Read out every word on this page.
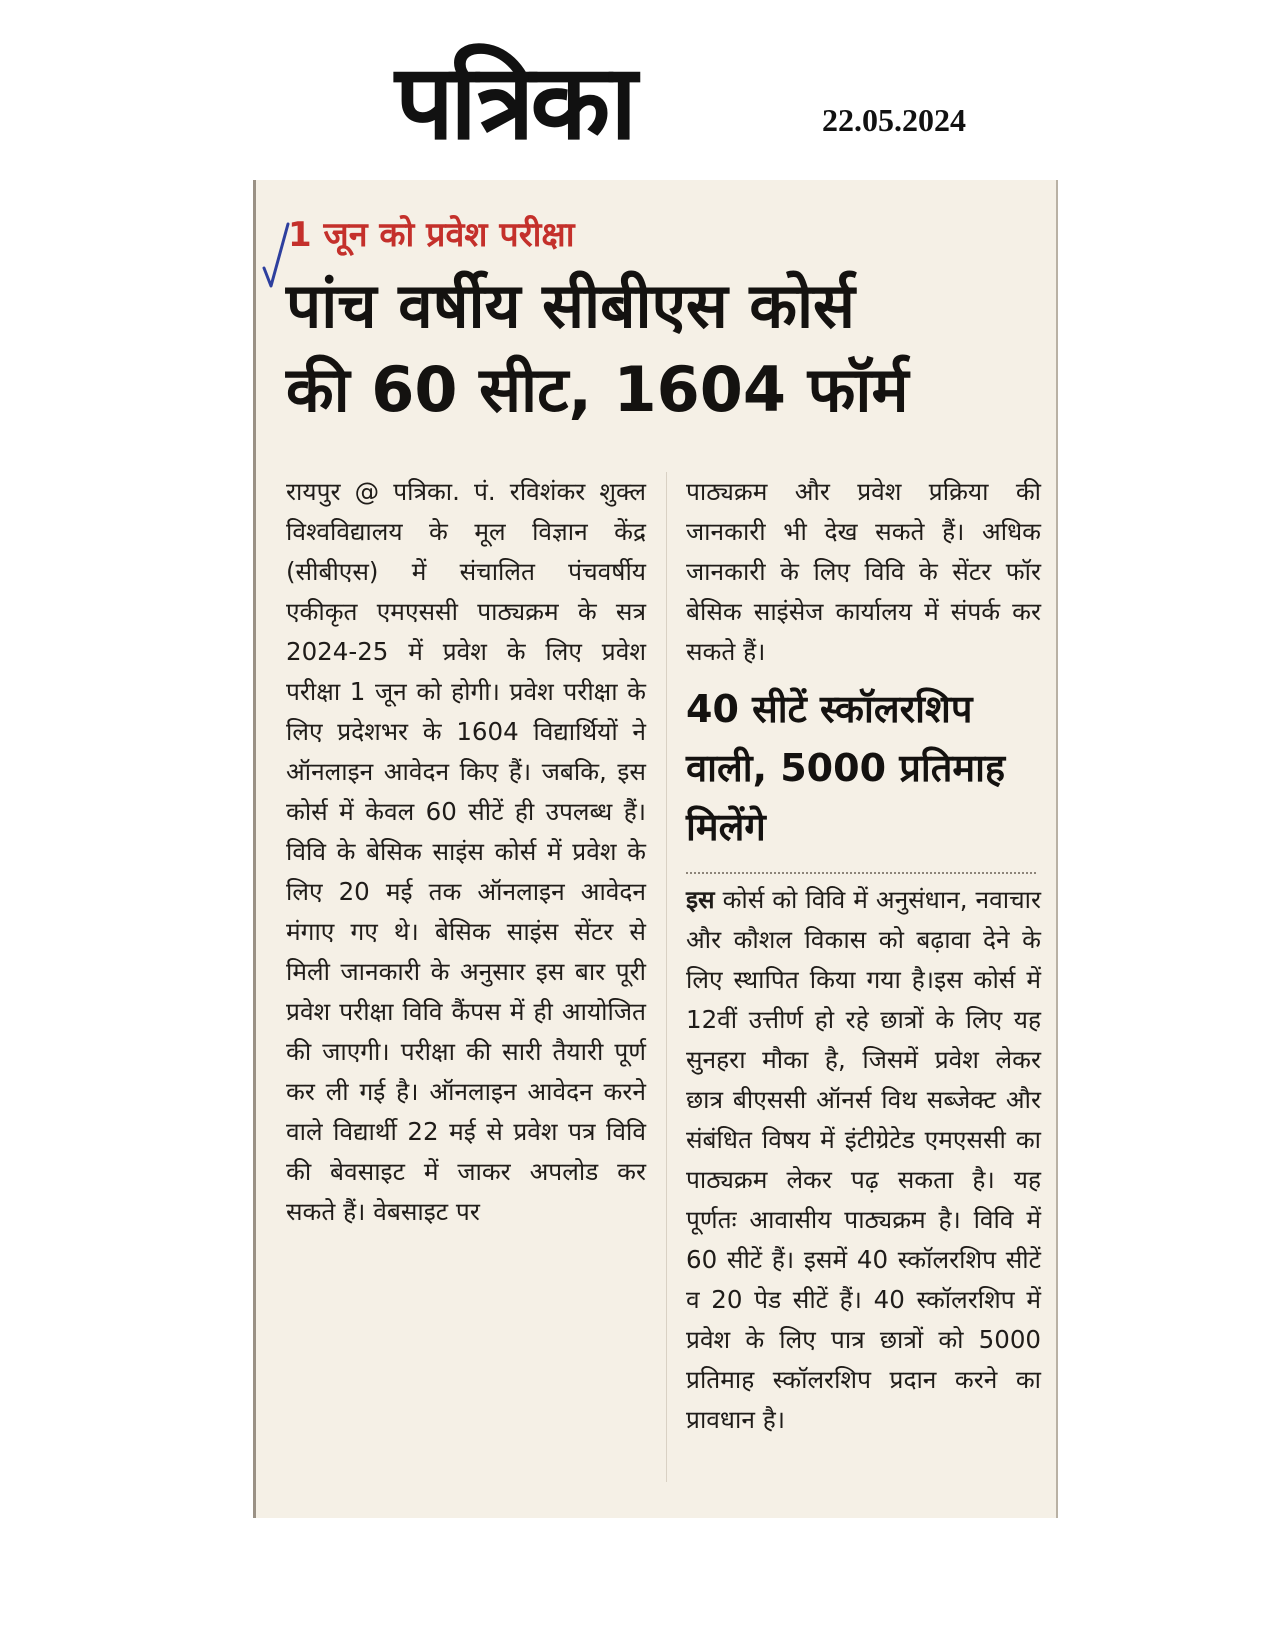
पत्रिका	22.05.2024
1 जून को प्रवेश परीक्षा
पांच वर्षीय सीबीएस कोर्स
की 60 सीट, 1604 फॉर्म
रायपुर @ पत्रिका. पं. रविशंकर शुक्ल विश्वविद्यालय के मूल विज्ञान केंद्र (सीबीएस) में संचालित पंचवर्षीय एकीकृत एमएससी पाठ्यक्रम के सत्र 2024-25 में प्रवेश के लिए प्रवेश परीक्षा 1 जून को होगी। प्रवेश परीक्षा के लिए प्रदेशभर के 1604 विद्यार्थियों ने ऑनलाइन आवेदन किए हैं। जबकि, इस कोर्स में केवल 60 सीटें ही उपलब्ध हैं। विवि के बेसिक साइंस कोर्स में प्रवेश के लिए 20 मई तक ऑनलाइन आवेदन मंगाए गए थे। बेसिक साइंस सेंटर से मिली जानकारी के अनुसार इस बार पूरी प्रवेश परीक्षा विवि कैंपस में ही आयोजित की जाएगी। परीक्षा की सारी तैयारी पूर्ण कर ली गई है। ऑनलाइन आवेदन करने वाले विद्यार्थी 22 मई से प्रवेश पत्र विवि की बेवसाइट में जाकर अपलोड कर सकते हैं। वेबसाइट पर
पाठ्यक्रम और प्रवेश प्रक्रिया की जानकारी भी देख सकते हैं। अधिक जानकारी के लिए विवि के सेंटर फॉर बेसिक साइंसेज कार्यालय में संपर्क कर सकते हैं।
40 सीटें स्कॉलरशिप वाली, 5000 प्रतिमाह मिलेंगे
इस कोर्स को विवि में अनुसंधान, नवाचार और कौशल विकास को बढ़ावा देने के लिए स्थापित किया गया है।इस कोर्स में 12वीं उत्तीर्ण हो रहे छात्रों के लिए यह सुनहरा मौका है, जिसमें प्रवेश लेकर छात्र बीएससी ऑनर्स विथ सब्जेक्ट और संबंधित विषय में इंटीग्रेटेड एमएससी का पाठ्यक्रम लेकर पढ़ सकता है। यह पूर्णतः आवासीय पाठ्यक्रम है। विवि में 60 सीटें हैं। इसमें 40 स्कॉलरशिप सीटें व 20 पेड सीटें हैं। 40 स्कॉलरशिप में प्रवेश के लिए पात्र छात्रों को 5000 प्रतिमाह स्कॉलरशिप प्रदान करने का प्रावधान है।
